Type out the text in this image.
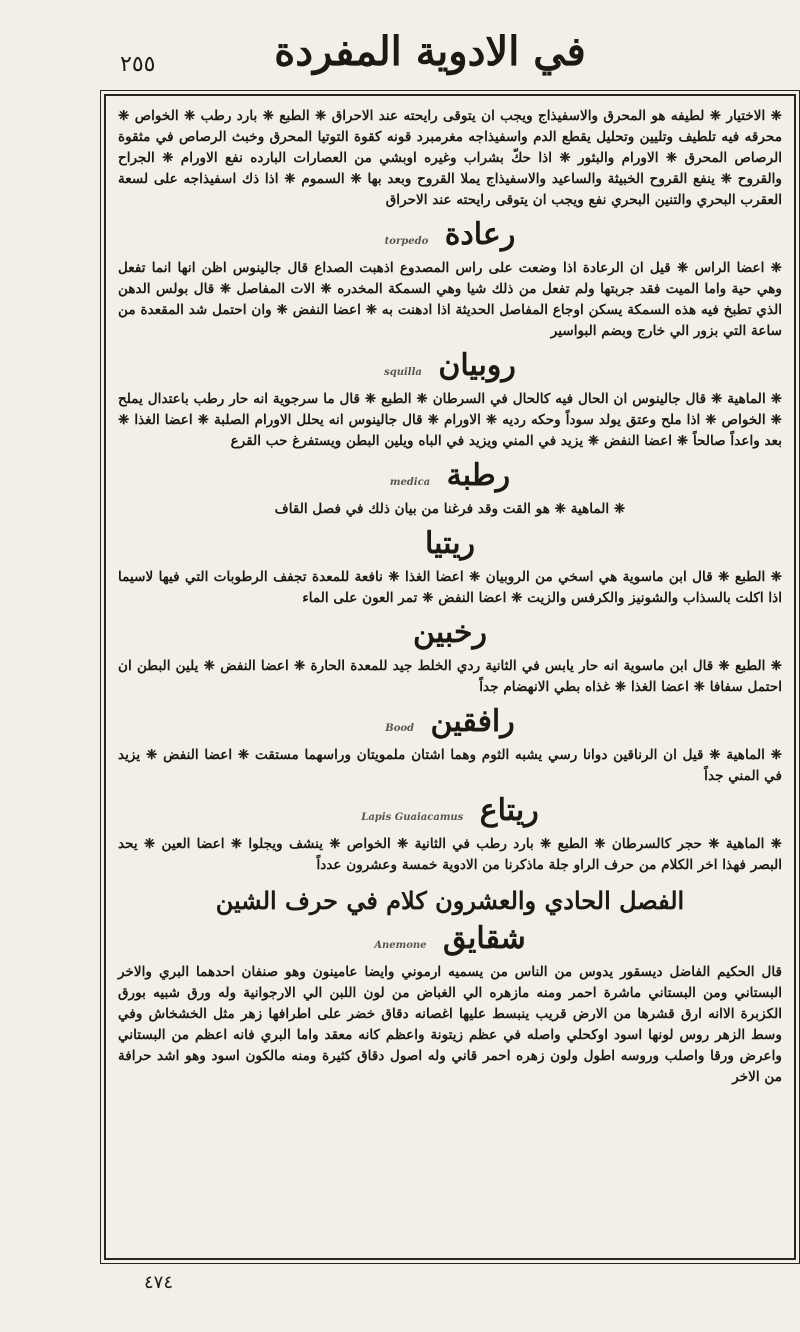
٢٥٥	في الادوية المفردة
❈ الاختيار ❈ لطيفه هو المحرق والاسفيذاج ويجب ان يتوقى رايحته عند الاحراق ❈ الطبع ❈ بارد رطب ❈ الخواص ❈ محرقه فيه تلطيف وتليين وتحليل يقطع الدم واسفيذاجه مغرمبرد قونه كقوة التوتيا المحرق وخبث الرصاص في مثقوة الرصاص المحرق ❈ الاورام والبثور ❈ اذا حكّ بشراب وغيره اوبشي من العصارات البارده نفع الاورام ❈ الجراح والقروح ❈ ينفع القروح الخبيثة والساعيد والاسفيذاج يملا القروح وبعد بها ❈ السموم ❈ اذا ذك اسفيذاجه على لسعة العقرب البحري والتنين البحري نفع ويجب ان يتوقى رايحته عند الاحراق
رعادة torpedo
❈ اعضا الراس ❈ قيل ان الرعادة اذا وضعت على راس المصدوع اذهبت الصداع قال جالينوس اظن انها انما تفعل وهي حية واما الميت فقد جربتها ولم تفعل من ذلك شيا وهي السمكة المخدره ❈ الات المفاصل ❈ قال بولس الدهن الذي تطبخ فيه هذه السمكة يسكن اوجاع المفاصل الحديثة اذا ادهنت به ❈ اعضا النفض ❈ وان احتمل شد المقعدة من ساعة التي بزور الي خارج وبضم البواسير
روبيان squilla
❈ الماهية ❈ قال جالينوس ان الحال فيه كالحال في السرطان ❈ الطبع ❈ قال ما سرجوية انه حار رطب باعتدال يملح ❈ الخواص ❈ اذا ملح وعتق يولد سوداً وحكه رديه ❈ الاورام ❈ قال جالينوس انه يحلل الاورام الصلبة ❈ اعضا الغذا ❈ بعد واعداً صالحاً ❈ اعضا النفض ❈ يزيد في المني ويزيد في الباه ويلين البطن ويستفرغ حب القرع
رطبة medica
❈ الماهية ❈ هو القت وقد فرغنا من بيان ذلك في فصل القاف
ريتيا
❈ الطبع ❈ قال ابن ماسوية هي اسخي من الروبيان ❈ اعضا الغذا ❈ نافعة للمعدة تجفف الرطوبات التي فيها لاسيما اذا اكلت بالسذاب والشونيز والكرفس والزيت ❈ اعضا النفض ❈ تمر العون على الماء
رخبين
❈ الطبع ❈ قال ابن ماسوية انه حار يابس في الثانية ردي الخلط جيد للمعدة الحارة ❈ اعضا النفض ❈ يلين البطن ان احتمل سفافا ❈ اعضا الغذا ❈ غذاه بطي الانهضام جداً
رافقين Bood
❈ الماهية ❈ قيل ان الرناقين دوانا رسي يشبه الثوم وهما اشتان ملمويتان وراسهما مستقت ❈ اعضا النفض ❈ يزيد في المني جداً
ريتاع Lapis Guaiacamus
❈ الماهية ❈ حجر كالسرطان ❈ الطبع ❈ بارد رطب في الثانية ❈ الخواص ❈ ينشف ويجلوا ❈ اعضا العين ❈ يحد البصر فهذا اخر الكلام من حرف الراو جلة ماذكرنا من الادوية خمسة وعشرون عدداً
الفصل الحادي والعشرون كلام في حرف الشين
شقايق Anemone
قال الحكيم الفاضل ديسقور يدوس من الناس من يسميه ارموني وايضا عامينون وهو صنفان احدهما البري والاخر البستاني ومن البستاني ماشرة احمر ومنه مازهره الي الغباض من لون اللبن الي الارجوانية وله ورق شبيه بورق الكزبرة الاانه ارق قشرها من الارض قريب ينبسط عليها اغصانه دقاق خضر على اطرافها زهر مثل الخشخاش وفي وسط الزهر روس لونها اسود اوكحلي واصله في عظم زيتونة واعظم كانه معقد واما البري فانه اعظم من البستاني واعرض ورقا واصلب وروسه اطول ولون زهره احمر قاني وله اصول دقاق كثيرة ومنه مالكون اسود وهو اشد حرافة من الاخر
٤٧٤
